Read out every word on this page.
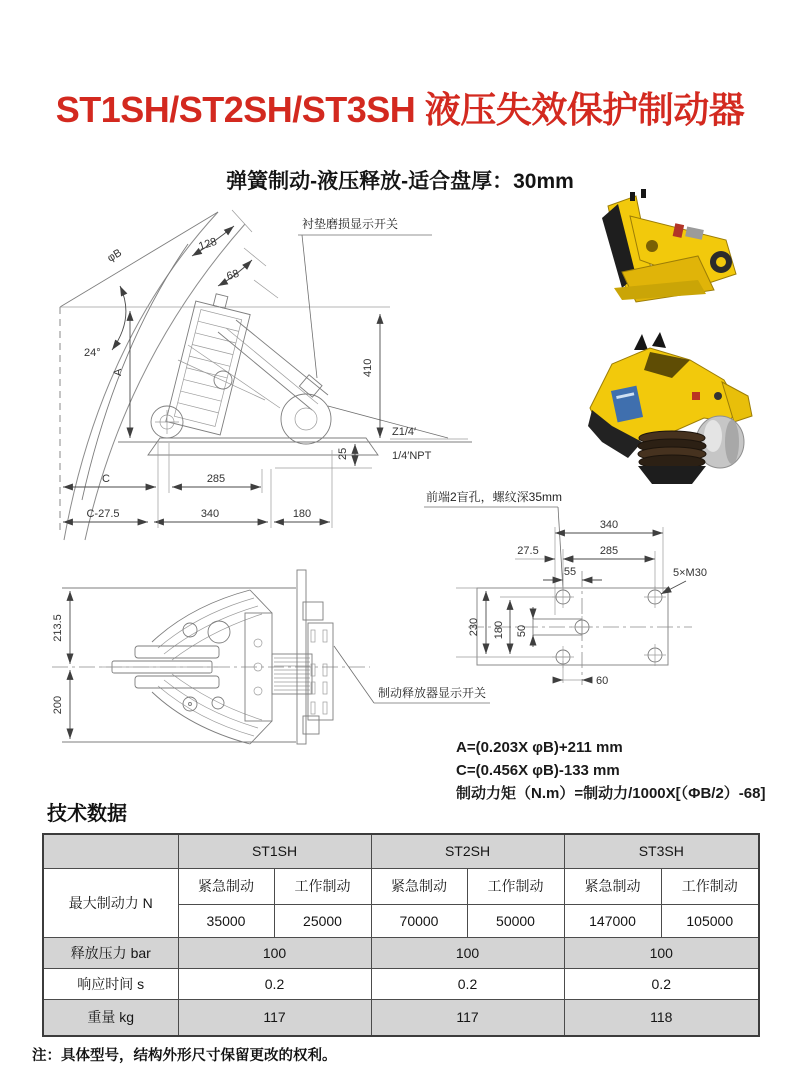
ST1SH/ST2SH/ST3SH 液压失效保护制动器
弹簧制动-液压释放-适合盘厚：30mm
24°
128
68
φB
A	410
Z1/4′
1/4′NPT
25
C	285
C-27.5	340	180
衬垫磨损显示开关
前端2盲孔，螺纹深35mm
340
27.5	285
55
230 180 50
60
5×M30
213.5
200
制动释放器显示开关
A=(0.203X φB)+211 mm
C=(0.456X φB)-133 mm
制动力矩（N.m）=制动力/1000X[（ΦB/2）-68]
技术数据
	ST1SH		ST2SH		ST3SH	
最大制动力 N	紧急制动	工作制动	紧急制动	工作制动	紧急制动	工作制动
	35000	25000	70000	50000	147000	105000
释放压力 bar	100		100		100	
响应时间 s	0.2		0.2		0.2	
重量 kg	117		117		118	
注：具体型号，结构外形尺寸保留更改的权利。
